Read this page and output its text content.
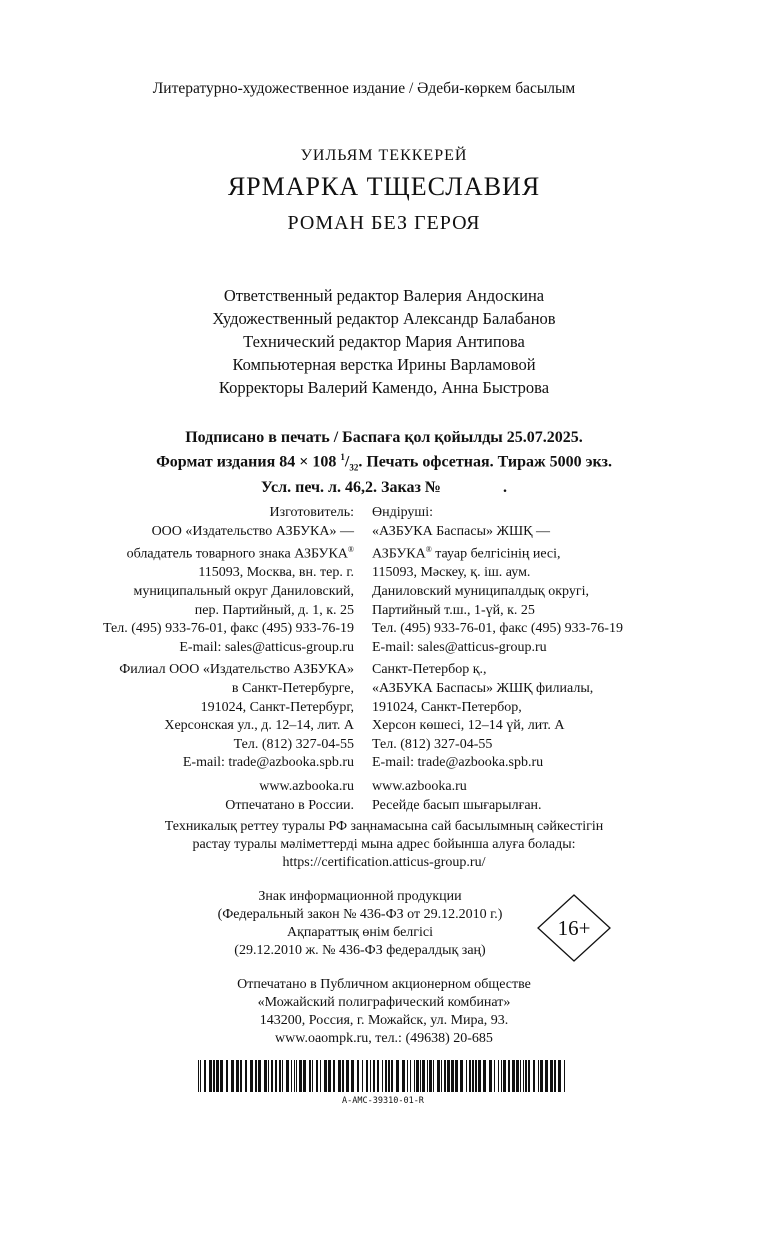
Литературно-художественное издание / Әдеби-көркем басылым
УИЛЬЯМ ТЕККЕРЕЙ
ЯРМАРКА ТЩЕСЛАВИЯ
РОМАН БЕЗ ГЕРОЯ
Ответственный редактор Валерия Андоскина
Художественный редактор Александр Балабанов
Технический редактор Мария Антипова
Компьютерная верстка Ирины Варламовой
Корректоры Валерий Камендо, Анна Быстрова
Подписано в печать / Баспаға қол қойылды 25.07.2025.
Формат издания 84 × 108 $^1/_{32}$. Печать офсетная. Тираж 5000 экз.
Усл. печ. л. 46,2. Заказ №	.
Изготовитель:
ООО «Издательство АЗБУКА» —
обладатель товарного знака АЗБУКА®
115093, Москва, вн. тер. г.
муниципальный округ Даниловский,
пер. Партийный, д. 1, к. 25
Тел. (495) 933-76-01, факс (495) 933-76-19
E-mail: sales@atticus-group.ru
Филиал ООО «Издательство АЗБУКА»
в Санкт-Петербурге,
191024, Санкт-Петербург,
Херсонская ул., д. 12–14, лит. А
Тел. (812) 327-04-55
E-mail: trade@azbooka.spb.ru
www.azbooka.ru
Отпечатано в России.
Өндіруші:
«АЗБУКА Баспасы» ЖШҚ —
АЗБУКА® тауар белгісінің иесі,
115093, Мәскеу, қ. іш. аум.
Даниловский муниципалдық округі,
Партийный т.ш., 1-үй, к. 25
Тел. (495) 933-76-01, факс (495) 933-76-19
E-mail: sales@atticus-group.ru
Санкт-Петербор қ.,
«АЗБУКА Баспасы» ЖШҚ филиалы,
191024, Санкт-Петербор,
Херсон көшесі, 12–14 үй, лит. А
Тел. (812) 327-04-55
E-mail: trade@azbooka.spb.ru
www.azbooka.ru
Ресейде басып шығарылған.
Техникалық реттеу туралы РФ заңнамасына сай басылымның сәйкестігін
растау туралы мәліметтерді мына адрес бойынша алуға болады:
https://certification.atticus-group.ru/
Знак информационной продукции
(Федеральный закон № 436-ФЗ от 29.12.2010 г.)
Ақпараттық өнім белгісі
(29.12.2010 ж. № 436-ФЗ федералдық заң)
16+
Отпечатано в Публичном акционерном обществе
«Можайский полиграфический комбинат»
143200, Россия, г. Можайск, ул. Мира, 93.
www.oaompk.ru, тел.: (49638) 20-685
A-AMC-39310-01-R
